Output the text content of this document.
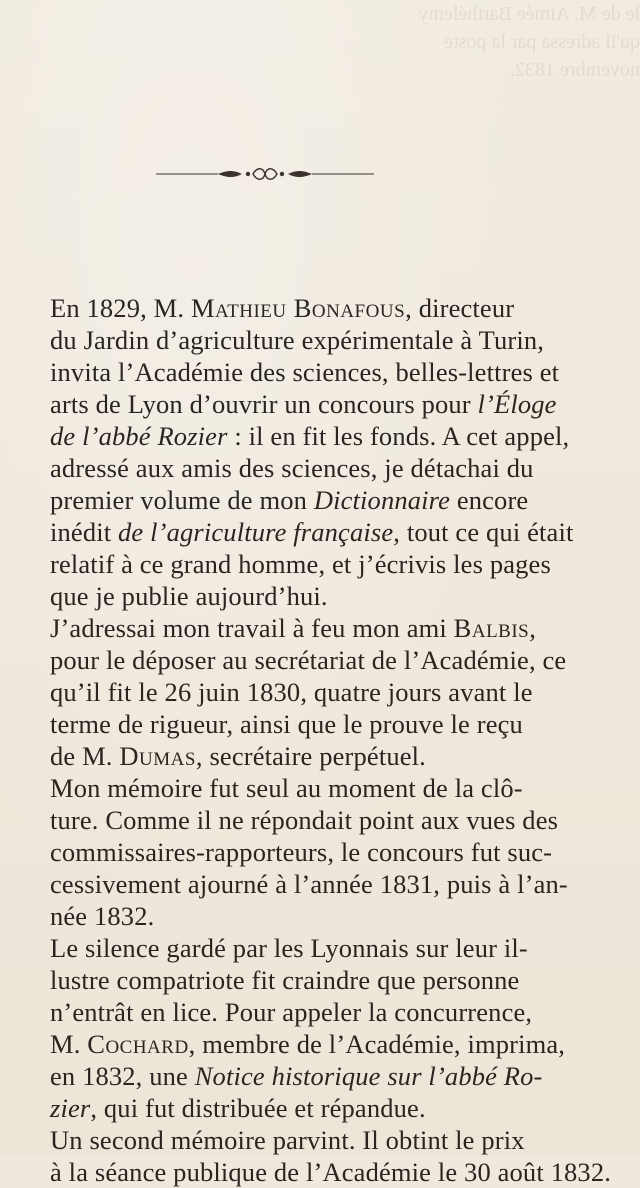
le de M. Aimée Barthélemy
qu'il adressa par la poste
novembre 1832.
En 1829, M. Mathieu Bonafous, directeur
du Jardin d’agriculture expérimentale à Turin,
invita l’Académie des sciences, belles-lettres et
arts de Lyon d’ouvrir un concours pour l’Éloge
de l’abbé Rozier : il en fit les fonds. A cet appel,
adressé aux amis des sciences, je détachai du
premier volume de mon Dictionnaire encore
inédit de l’agriculture française, tout ce qui était
relatif à ce grand homme, et j’écrivis les pages
que je publie aujourd’hui.
J’adressai mon travail à feu mon ami Balbis,
pour le déposer au secrétariat de l’Académie, ce
qu’il fit le 26 juin 1830, quatre jours avant le
terme de rigueur, ainsi que le prouve le reçu
de M. Dumas, secrétaire perpétuel.
Mon mémoire fut seul au moment de la clô-
ture. Comme il ne répondait point aux vues des
commissaires-rapporteurs, le concours fut suc-
cessivement ajourné à l’année 1831, puis à l’an-
née 1832.
Le silence gardé par les Lyonnais sur leur il-
lustre compatriote fit craindre que personne
n’entrât en lice. Pour appeler la concurrence,
M. Cochard, membre de l’Académie, imprima,
en 1832, une Notice historique sur l’abbé Ro-
zier, qui fut distribuée et répandue.
Un second mémoire parvint. Il obtint le prix
à la séance publique de l’Académie le 30 août 1832.
